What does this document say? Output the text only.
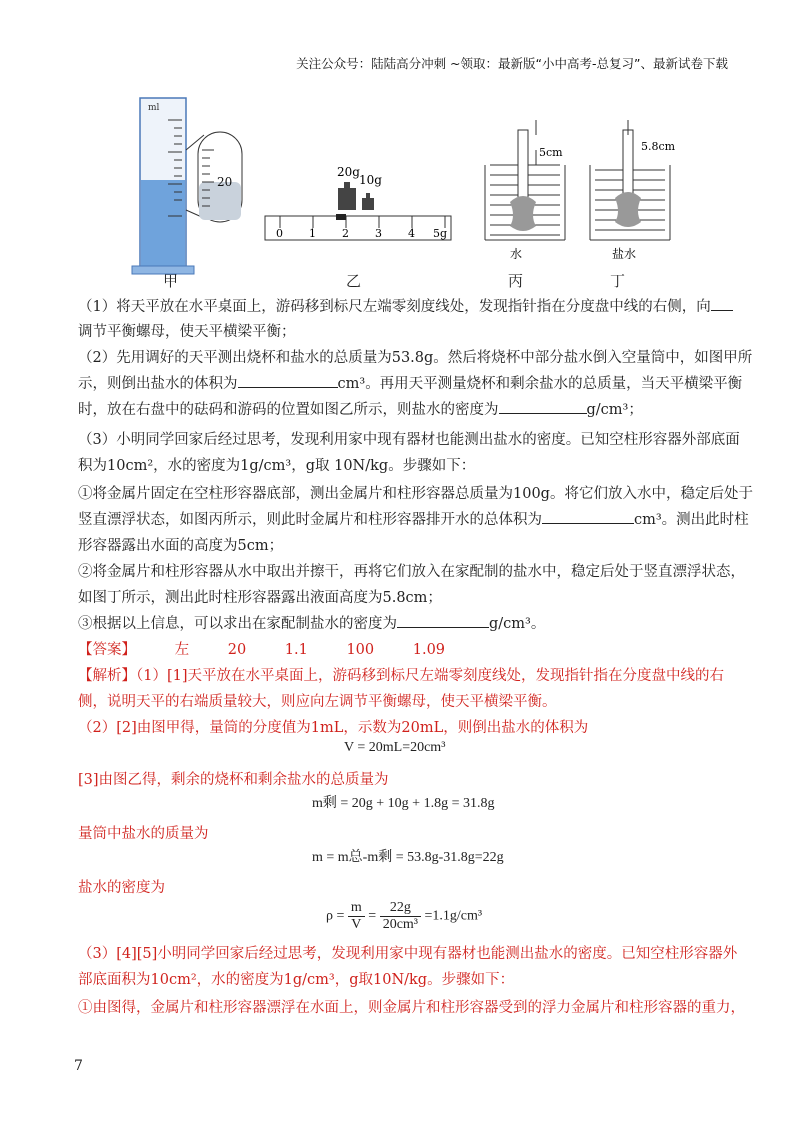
关注公众号：陆陆高分冲刺 ~领取：最新版“小中高考-总复习”、最新试卷下载
ml
20
20g
10g
0 1 2 3 4 5g
5cm	5.8cm
水	盐水
甲	乙	丙	丁
（1）将天平放在水平桌面上，游码移到标尺左端零刻度线处，发现指针指在分度盘中线的右侧，向
调节平衡螺母，使天平横梁平衡；
（2）先用调好的天平测出烧杯和盐水的总质量为53.8g。然后将烧杯中部分盐水倒入空量筒中，如图甲所
示，则倒出盐水的体积为	cm³。再用天平测量烧杯和剩余盐水的总质量，当天平横梁平衡
时，放在右盘中的砝码和游码的位置如图乙所示，则盐水的密度为	g/cm³；
（3）小明同学回家后经过思考，发现利用家中现有器材也能测出盐水的密度。已知空柱形容器外部底面
积为10cm²，水的密度为1g/cm³，g取 10N/kg。步骤如下：
①将金属片固定在空柱形容器底部，测出金属片和柱形容器总质量为100g。将它们放入水中，稳定后处于
竖直漂浮状态，如图丙所示，则此时金属片和柱形容器排开水的总体积为	cm³。测出此时柱
形容器露出水面的高度为5cm；
②将金属片和柱形容器从水中取出并擦干，再将它们放入在家配制的盐水中，稳定后处于竖直漂浮状态，
如图丁所示，测出此时柱形容器露出液面高度为5.8cm；
③根据以上信息，可以求出在家配制盐水的密度为	g/cm³。
【答案】	左	20	1.1	100	1.09
【解析】（1）[1]天平放在水平桌面上，游码移到标尺左端零刻度线处，发现指针指在分度盘中线的右
侧，说明天平的右端质量较大，则应向左调节平衡螺母，使天平横梁平衡。
（2）[2]由图甲得，量筒的分度值为1mL，示数为20mL，则倒出盐水的体积为
V = 20mL=20cm³
[3]由图乙得，剩余的烧杯和剩余盐水的总质量为
m剩 = 20g + 10g + 1.8g = 31.8g
量筒中盐水的质量为
m = m总-m剩 = 53.8g-31.8g=22g
盐水的密度为
$\rho = \frac{m}{V} = \frac{22g}{\text{20cm³}} =1.1g/cm^3$
（3）[4][5]小明同学回家后经过思考，发现利用家中现有器材也能测出盐水的密度。已知空柱形容器外
部底面积为10cm²，水的密度为1g/cm³，g取10N/kg。步骤如下：
①由图得，金属片和柱形容器漂浮在水面上，则金属片和柱形容器受到的浮力金属片和柱形容器的重力，
7
